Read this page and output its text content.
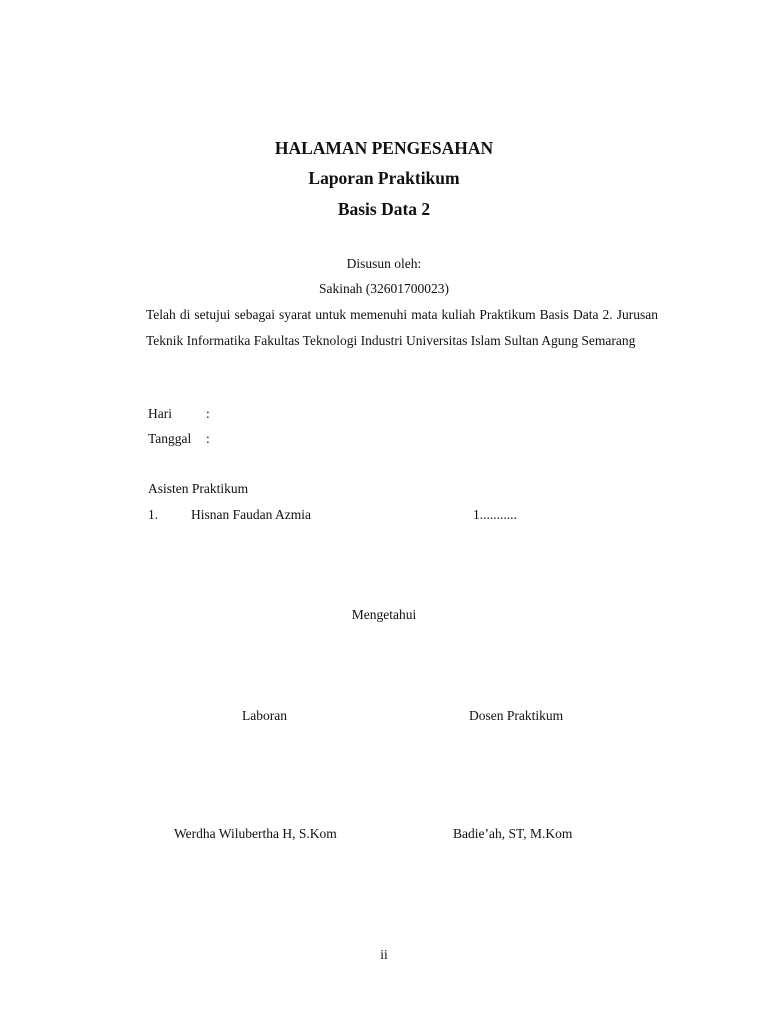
HALAMAN PENGESAHAN
Laporan Praktikum
Basis Data 2
Disusun oleh:
Sakinah (32601700023)
Telah di setujui sebagai syarat untuk memenuhi mata kuliah Praktikum Basis Data 2. Jurusan Teknik Informatika Fakultas Teknologi Industri Universitas Islam Sultan Agung Semarang
Hari	:
Tanggal :
Asisten Praktikum
1. Hisnan Faudan Azmia	1...........
Mengetahui
Laboran	Dosen Praktikum
Werdha Wilubertha H, S.Kom	Badie’ah, ST, M.Kom
ii
